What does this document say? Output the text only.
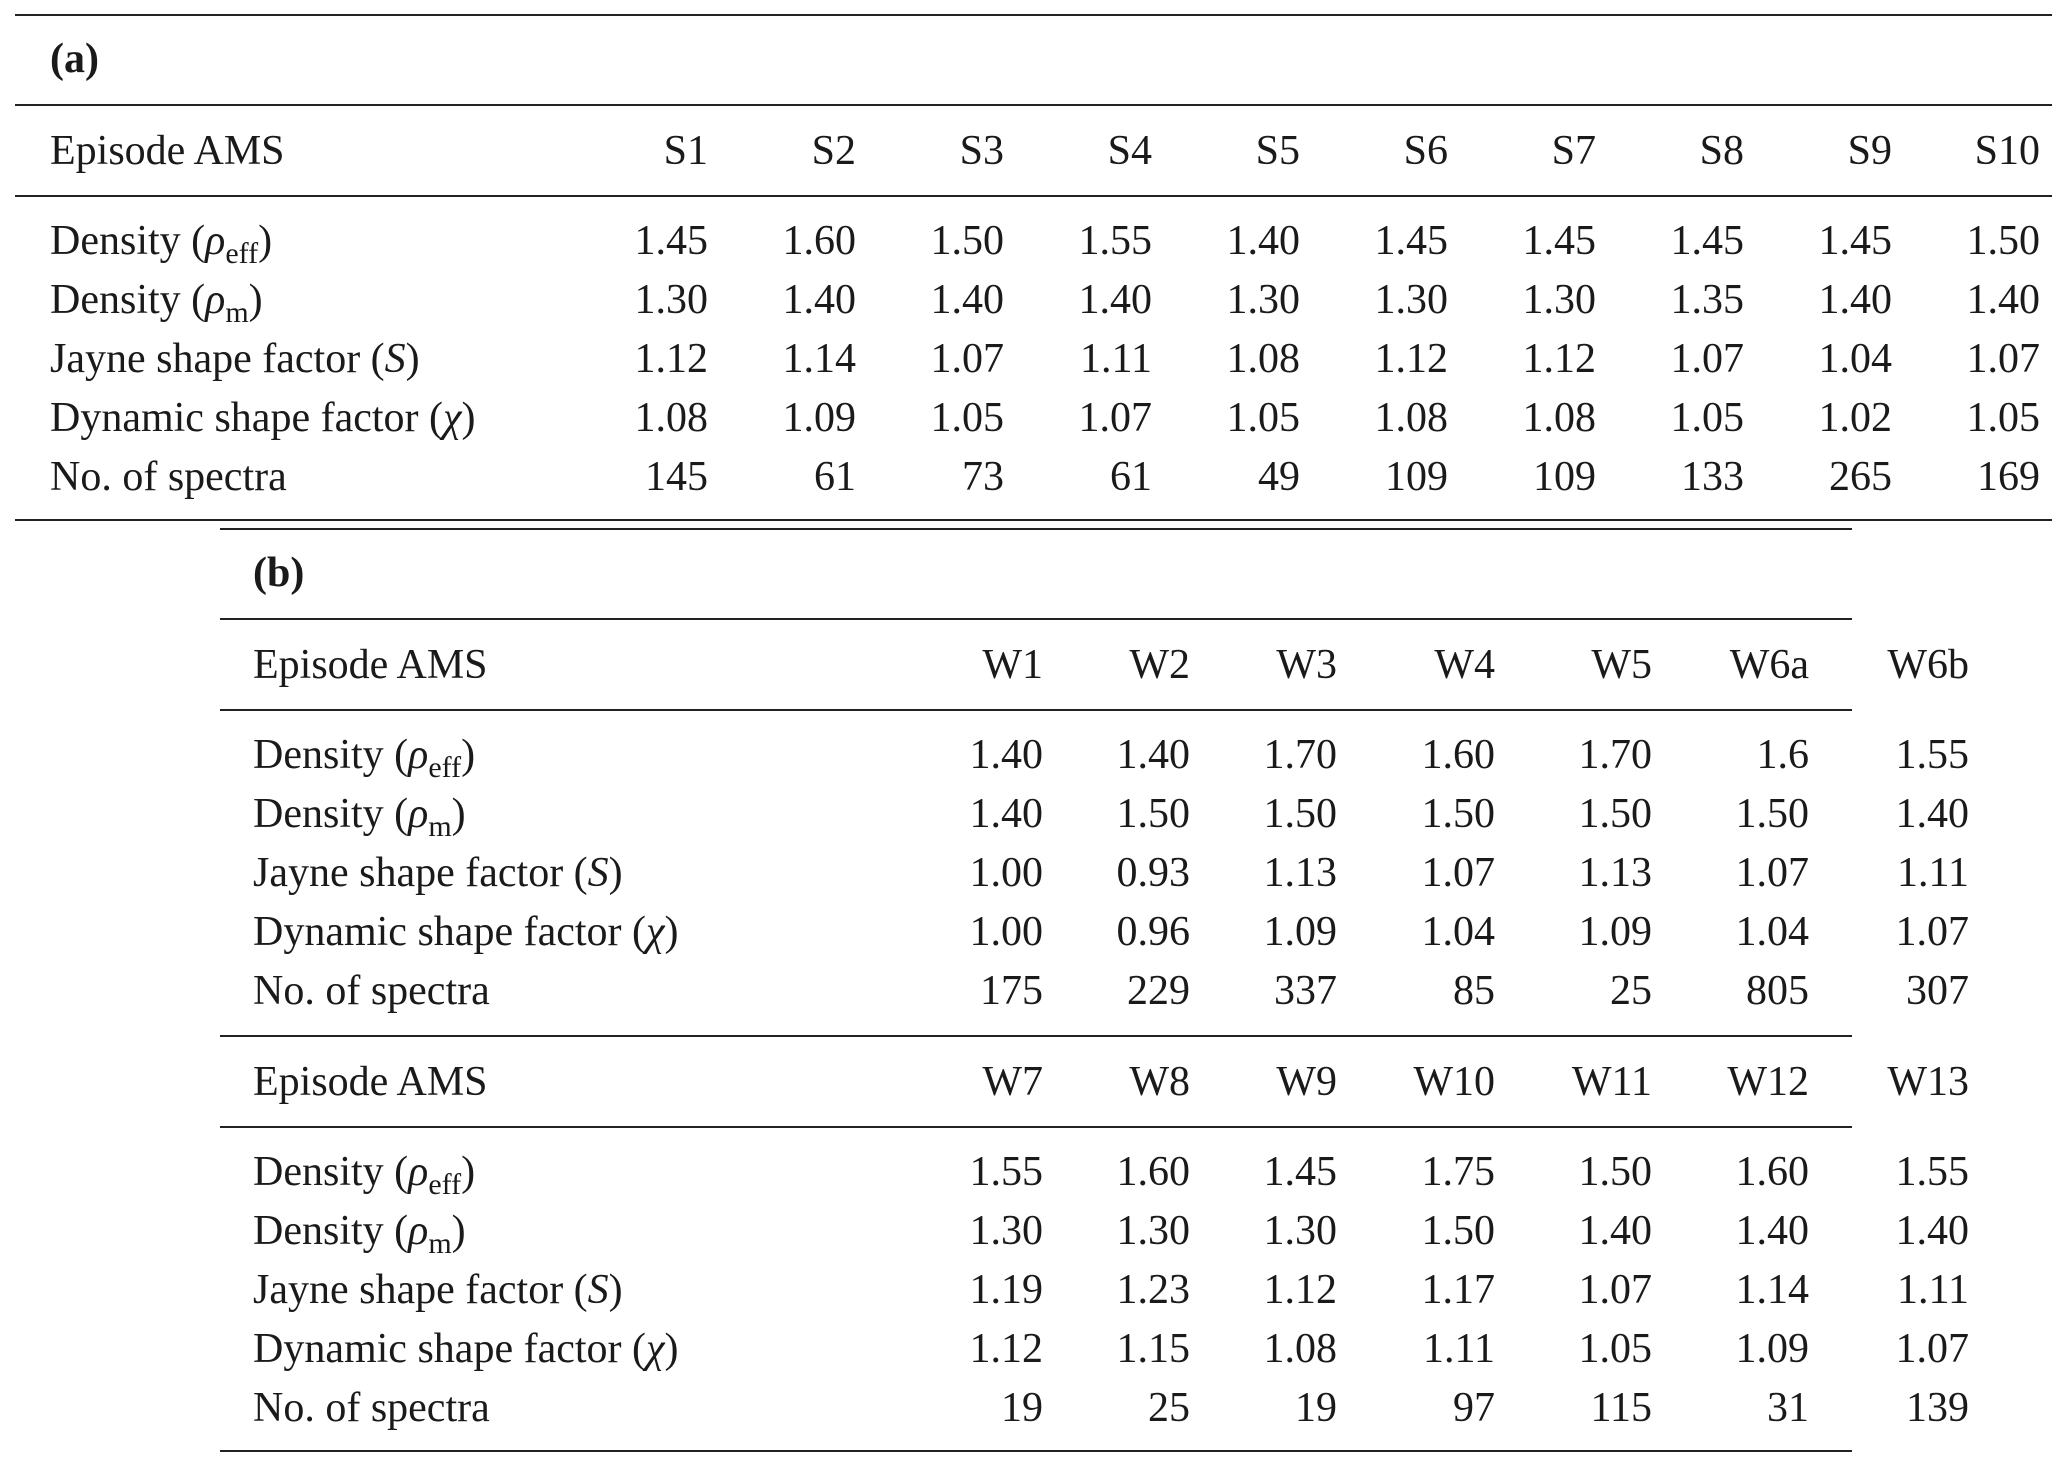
(a)
Episode AMS	S1	S2	S3	S4	S5	S6	S7	S8	S9	S10
Density $(\rho_{eff})$	1.45	1.60	1.50	1.55	1.40	1.45	1.45	1.45	1.45	1.50
Density $(\rho_m)$	1.30	1.40	1.40	1.40	1.30	1.30	1.30	1.35	1.40	1.40
Jayne shape factor (S)	1.12	1.14	1.07	1.11	1.08	1.12	1.12	1.07	1.04	1.07
Dynamic shape factor (χ)	1.08	1.09	1.05	1.07	1.05	1.08	1.08	1.05	1.02	1.05
No. of spectra	145	61	73	61	49	109	109	133	265	169
(b)
Episode AMS	W1	W2	W3	W4	W5	W6a	W6b
Density $(\rho_{eff})$	1.40	1.40	1.70	1.60	1.70	1.6	1.55
Density $(\rho_m)$	1.40	1.50	1.50	1.50	1.50	1.50	1.40
Jayne shape factor (S)	1.00	0.93	1.13	1.07	1.13	1.07	1.11
Dynamic shape factor (χ)	1.00	0.96	1.09	1.04	1.09	1.04	1.07
No. of spectra	175	229	337	85	25	805	307
Episode AMS	W7	W8	W9	W10	W11	W12	W13
Density $(\rho_{eff})$	1.55	1.60	1.45	1.75	1.50	1.60	1.55
Density $(\rho_m)$	1.30	1.30	1.30	1.50	1.40	1.40	1.40
Jayne shape factor (S)	1.19	1.23	1.12	1.17	1.07	1.14	1.11
Dynamic shape factor (χ)	1.12	1.15	1.08	1.11	1.05	1.09	1.07
No. of spectra	19	25	19	97	115	31	139
